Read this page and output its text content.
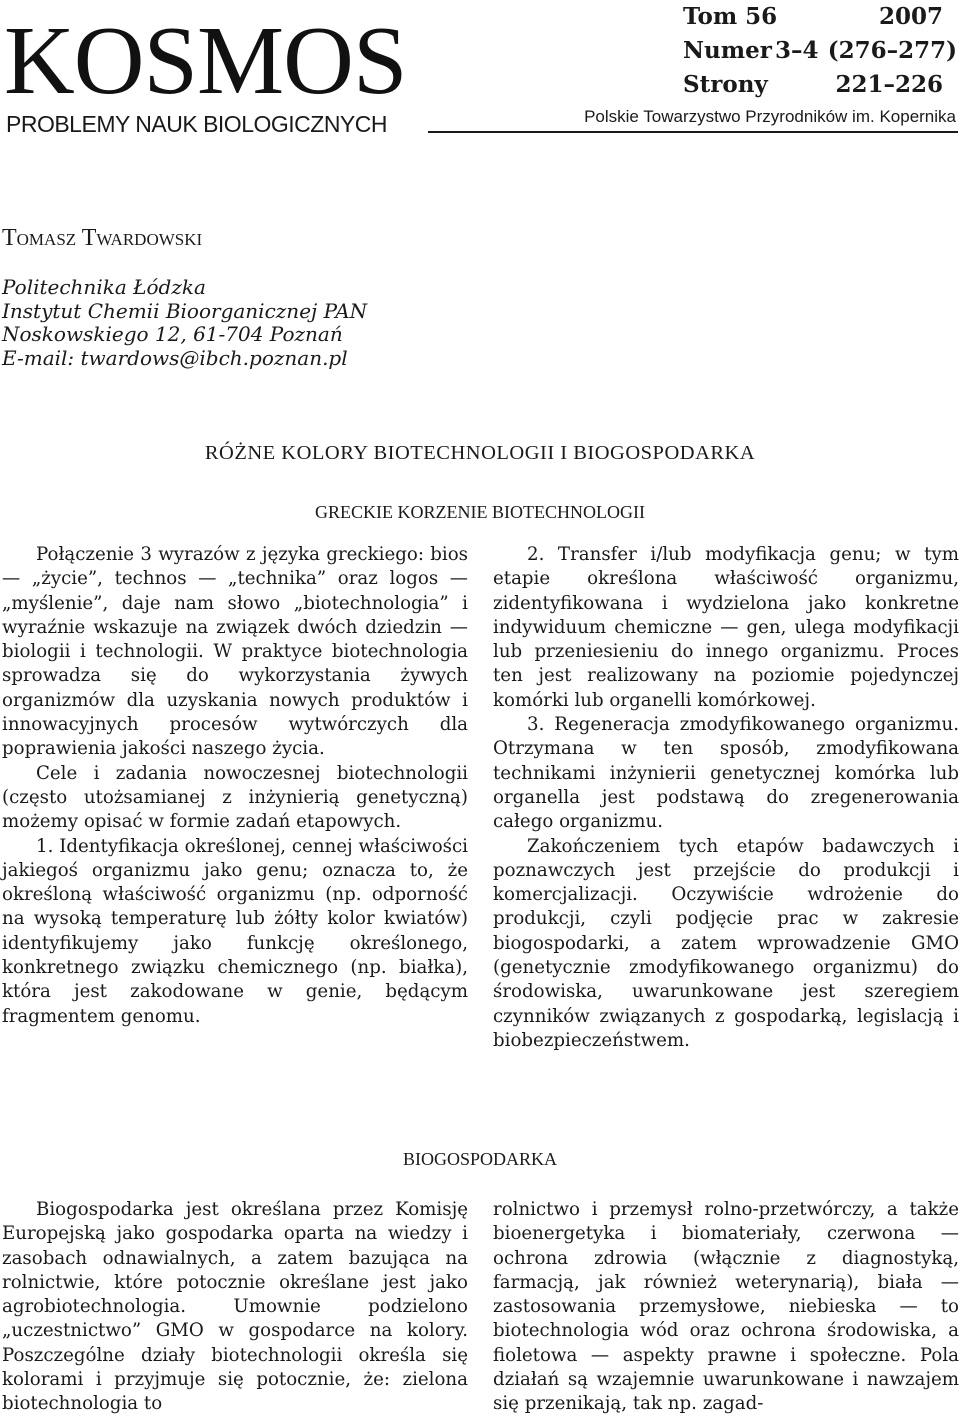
KOSMOS
PROBLEMY NAUK BIOLOGICZNYCH	Polskie Towarzystwo Przyrodników im. Kopernika
Tom 56	2007
Numer 3–4 (276–277)
Strony	221–226
Tomasz Twardowski
Politechnika Łódzka
Instytut Chemii Bioorganicznej PAN
Noskowskiego 12, 61-704 Poznań
E-mail: twardows@ibch.poznan.pl
RÓŻNE KOLORY BIOTECHNOLOGII I BIOGOSPODARKA
GRECKIE KORZENIE BIOTECHNOLOGII

Połączenie 3 wyrazów z języka greckiego: bios — „życie”, technos — „technika” oraz logos — „myślenie”, daje nam słowo „biotechnologia” i wyraźnie wskazuje na związek dwóch dziedzin — biologii i technologii. W praktyce biotechnologia sprowadza się do wykorzystania żywych organizmów dla uzyskania nowych produktów i innowacyjnych procesów wytwórczych dla poprawienia jakości naszego życia.

Cele i zadania nowoczesnej biotechnologii (często utożsamianej z inżynierią genetyczną) możemy opisać w formie zadań etapowych.

1. Identyfikacja określonej, cennej właściwości jakiegoś organizmu jako genu; oznacza to, że określoną właściwość organizmu (np. odporność na wysoką temperaturę lub żółty kolor kwiatów) identyfikujemy jako funkcję określonego, konkretnego związku chemicznego (np. białka), która jest zakodowane w genie, będącym fragmentem genomu.

2. Transfer i/lub modyfikacja genu; w tym etapie określona właściwość organizmu, zidentyfikowana i wydzielona jako konkretne indywiduum chemiczne — gen, ulega modyfikacji lub przeniesieniu do innego organizmu. Proces ten jest realizowany na poziomie pojedynczej komórki lub organelli komórkowej.

3. Regeneracja zmodyfikowanego organizmu. Otrzymana w ten sposób, zmodyfikowana technikami inżynierii genetycznej komórka lub organella jest podstawą do zregenerowania całego organizmu.

Zakończeniem tych etapów badawczych i poznawczych jest przejście do produkcji i komercjalizacji. Oczywiście wdrożenie do produkcji, czyli podjęcie prac w zakresie biogospodarki, a zatem wprowadzenie GMO (genetycznie zmodyfikowanego organizmu) do środowiska, uwarunkowane jest szeregiem czynników związanych z gospodarką, legislacją i biobezpieczeństwem.

BIOGOSPODARKA

Biogospodarka jest określana przez Komisję Europejską jako gospodarka oparta na wiedzy i zasobach odnawialnych, a zatem bazująca na rolnictwie, które potocznie określane jest jako agrobiotechnologia. Umownie podzielono „uczestnictwo” GMO w gospodarce na kolory. Poszczególne działy biotechnologii określa się kolorami i przyjmuje się potocznie, że: zielona biotechnologia to

rolnictwo i przemysł rolno-przetwórczy, a także bioenergetyka i biomateriały, czerwona — ochrona zdrowia (włącznie z diagnostyką, farmacją, jak również weterynarią), biała — zastosowania przemysłowe, niebieska — to biotechnologia wód oraz ochrona środowiska, a fioletowa — aspekty prawne i społeczne. Pola działań są wzajemnie uwarunkowane i nawzajem się przenikają, tak np. zagad-
